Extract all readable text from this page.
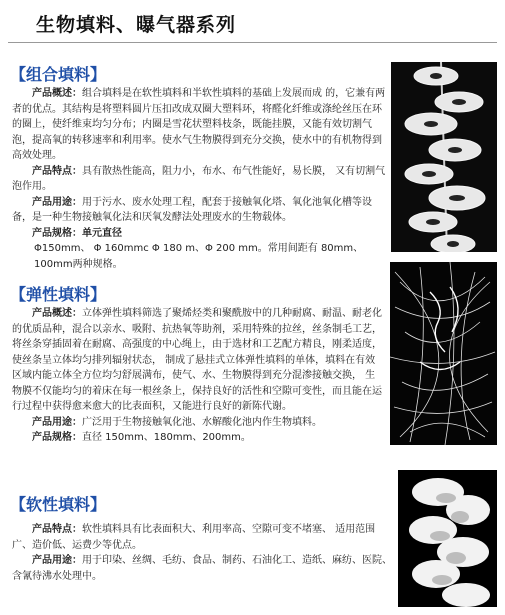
生物填料、曝气器系列
【组合填料】

产品概述：组合填料是在软性填料和半软性填料的基础上发展而成 的，它兼有两者的优点。其结构是将塑料圆片压扣改成双圈大塑料环，将醛化纤维或涤纶丝压在环的圈上，使纤维束均匀分布；内圈是雪花状塑料枝条，既能挂膜，又能有效切割气泡，提高氧的转移速率和利用率。使水气生物膜得到充分交换，使水中的有机物得到高效处理。

产品特点：具有散热性能高，阻力小，布水、布气性能好，易长膜， 又有切割气泡作用。

产品用途：用于污水、废水处理工程，配套于接触氧化塔、氧化池氧化槽等设备，是一种生物接触氧化法和厌氧发酵法处理废水的生物载体。

产品规格：单元直径

Φ150mm、 Φ 160mmc Φ 180 m、Φ 200 mm。常用间距有 80mm、100mm两种规格。

【弹性填料】

产品概述：立体弹性填料筛选了聚烯烃类和聚酰胺中的几种耐腐、耐温、耐老化的优质品种，混合以亲水、吸附、抗热氧等助剂，采用特殊的拉丝，丝条制毛工艺，将丝条穿插固着在耐腐、高强度的中心绳上，由于选材和工艺配方精良，刚柔适度，使丝条呈立体均匀排列辐射状态， 制成了悬挂式立体弹性填料的单体，填料在有效区域内能立体全方位均匀舒展满布，使气、水、生物膜得到充分混渗接触交换， 生物膜不仅能均匀的着床在每一根丝条上，保持良好的活性和空隙可变性，而且能在运行过程中获得愈来愈大的比表面积，又能进行良好的新陈代谢。

产品用途：广泛用于生物接触氧化池、水解酸化池内作生物填料。

产品规格：直径 150mm、180mm、200mm。

【软性填料】

产品特点：软性填料具有比表面积大、利用率高、空隙可变不堵塞、 适用范围广、造价低、运费少等优点。

产品用途：用于印染、丝绸、毛纺、食品、制药、石油化工、造纸、麻纺、医院、含氰待沸水处理中。
